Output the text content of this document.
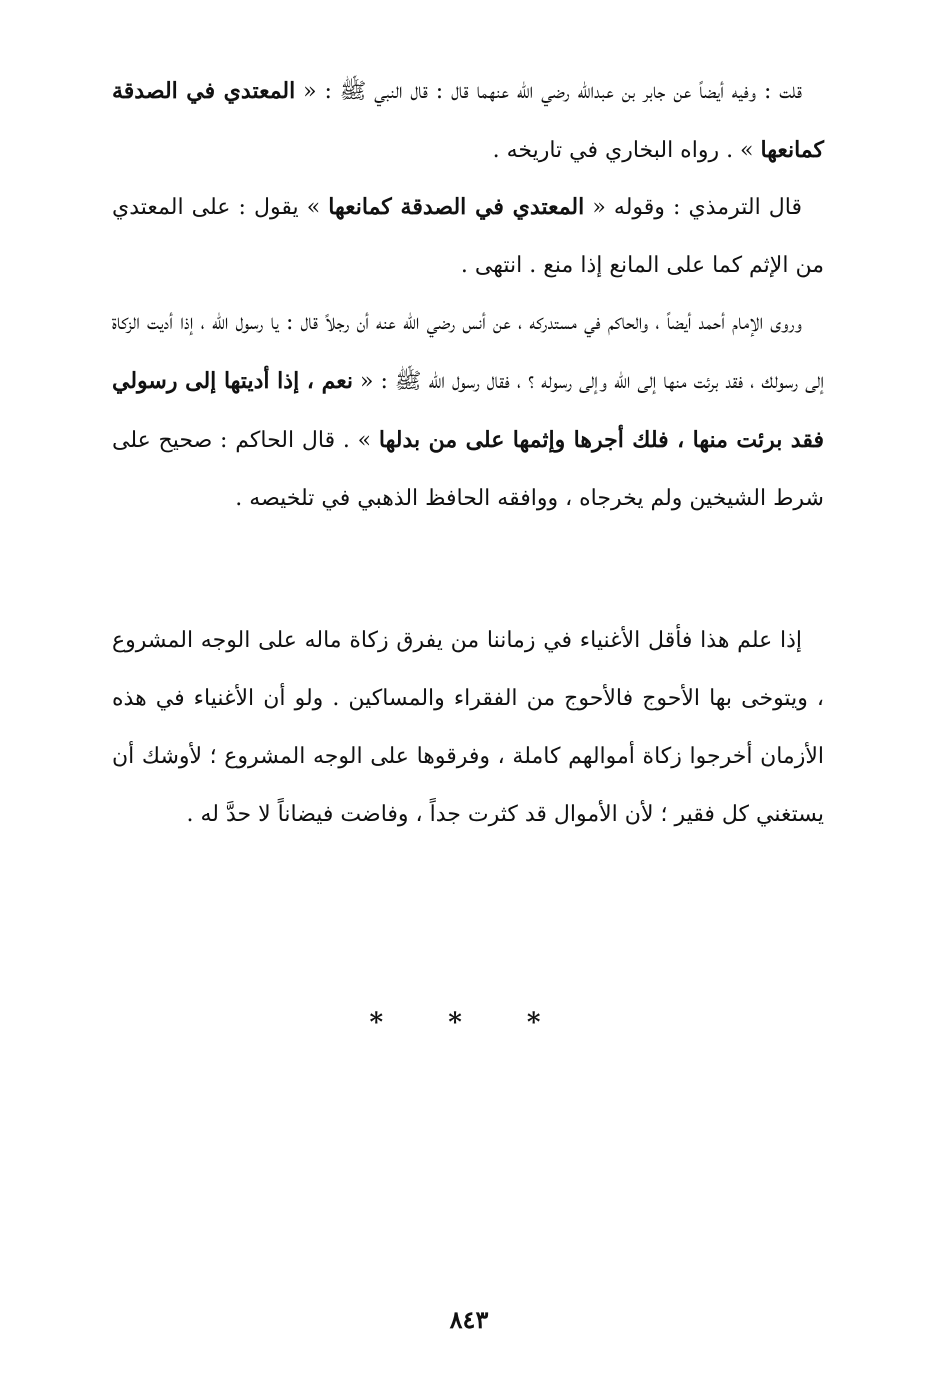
قلت : وفيه أيضاً عن جابر بن عبدالله رضي الله عنهما قال : قال النبي ﷺ : « المعتدي في الصدقة كمانعها » . رواه البخاري في تاريخه .

قال الترمذي : وقوله « المعتدي في الصدقة كمانعها » يقول : على المعتدي من الإثم كما على المانع إذا منع . انتهى .

وروى الإمام أحمد أيضاً ، والحاكم في مستدركه ، عن أنس رضي الله عنه أن رجلاً قال : يا رسول الله ، إذا أديت الزكاة إلى رسولك ، فقد برئت منها إلى الله وإلى رسوله ؟ ، فقال رسول الله ﷺ : « نعم ، إذا أديتها إلى رسولي فقد برئت منها ، فلك أجرها وإثمها على من بدلها » . قال الحاكم : صحيح على شرط الشيخين ولم يخرجاه ، ووافقه الحافظ الذهبي في تلخيصه .

إذا علم هذا فأقل الأغنياء في زماننا من يفرق زكاة ماله على الوجه المشروع ، ويتوخى بها الأحوج فالأحوج من الفقراء والمساكين . ولو أن الأغنياء في هذه الأزمان أخرجوا زكاة أموالهم كاملة ، وفرقوها على الوجه المشروع ؛ لأوشك أن يستغني كل فقير ؛ لأن الأموال قد كثرت جداً ، وفاضت فيضاناً لا حدَّ له .

* * *
٨٤٣
